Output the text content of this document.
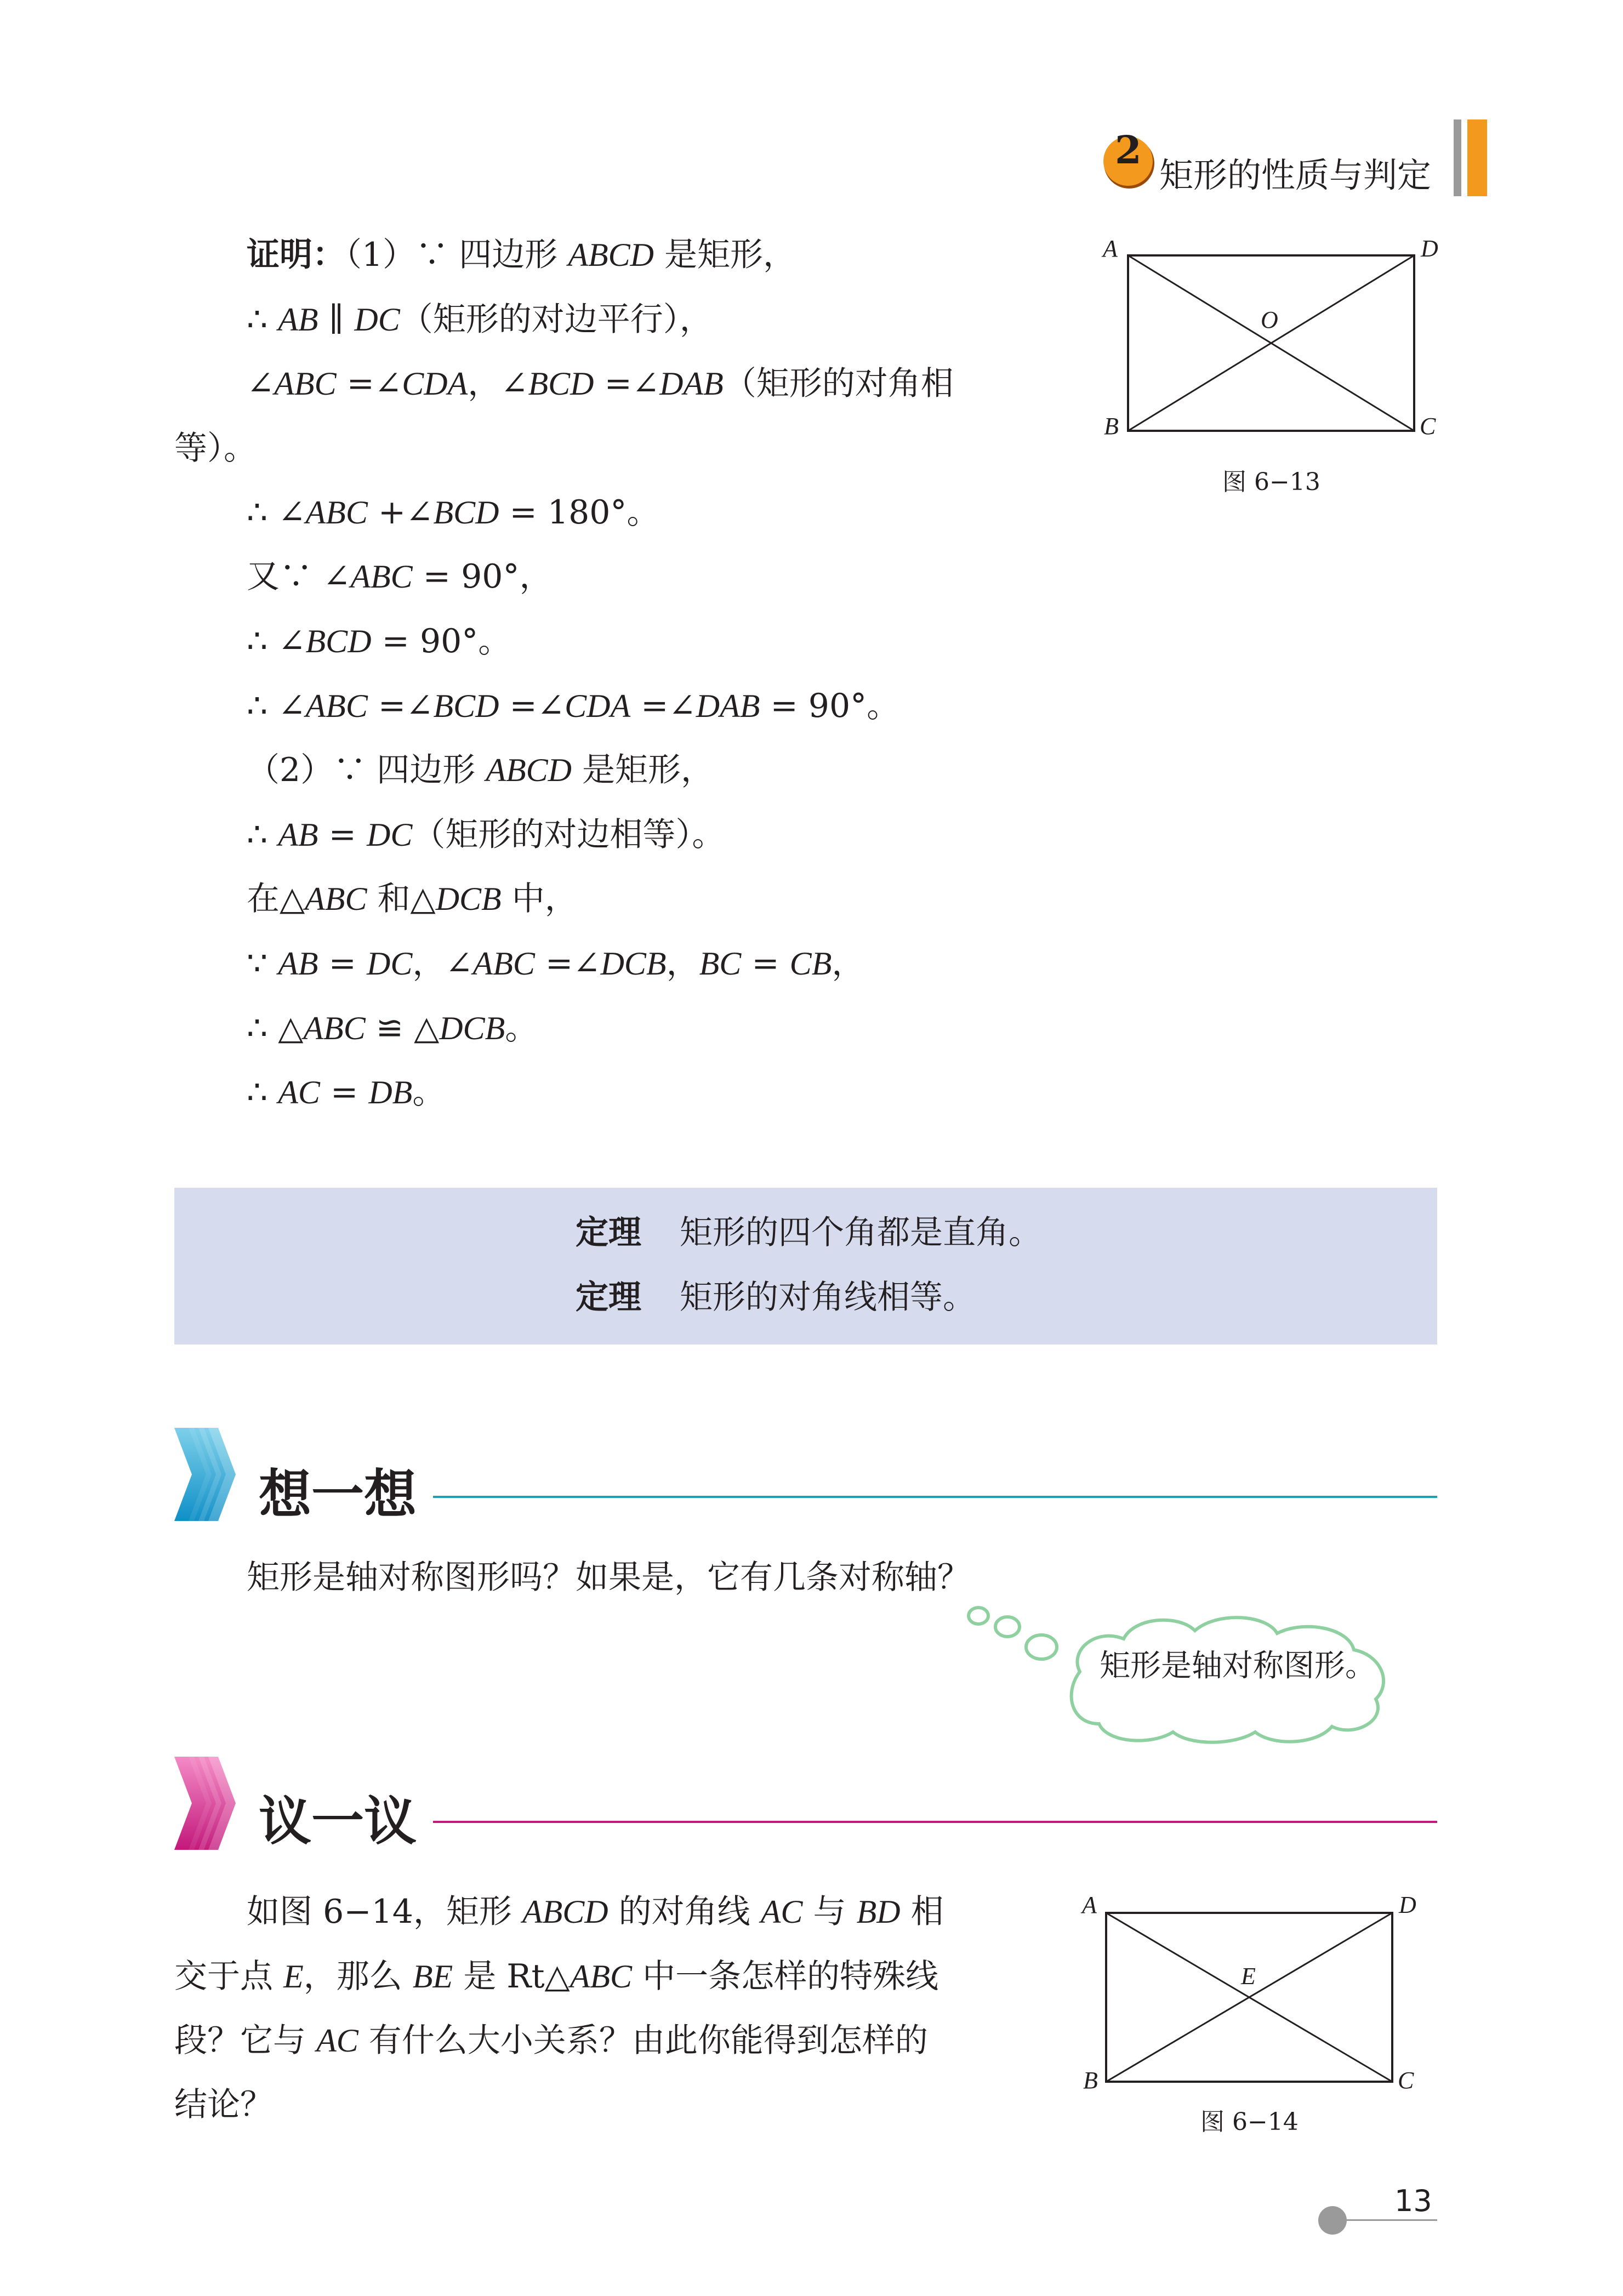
2
矩形的性质与判定
证明：（1）∵ 四边形 ABCD 是矩形，
∴ AB ∥ DC（矩形的对边平行），
∠ABC =∠CDA，∠BCD =∠DAB（矩形的对角相
等）。
∴ ∠ABC +∠BCD = 180°。
又∵ ∠ABC = 90°，
∴ ∠BCD = 90°。
∴ ∠ABC =∠BCD =∠CDA =∠DAB = 90°。
（2）∵ 四边形 ABCD 是矩形，
∴ AB = DC（矩形的对边相等）。
在△ABC 和△DCB 中，
∵ AB = DC，∠ABC =∠DCB，BC = CB，
∴ △ABC ≌ △DCB。
∴ AC = DB。
A	D
O
B	C
图 6−13
定理 矩形的四个角都是直角。
定理 矩形的对角线相等。
想一想
矩形是轴对称图形吗？如果是，它有几条对称轴？
矩形是轴对称图形。
议一议
如图 6−14，矩形 ABCD 的对角线 AC 与 BD 相
交于点 E，那么 BE 是 Rt△ABC 中一条怎样的特殊线
段？它与 AC 有什么大小关系？由此你能得到怎样的
结论？
A	D
E
B	C
图 6−14
13
